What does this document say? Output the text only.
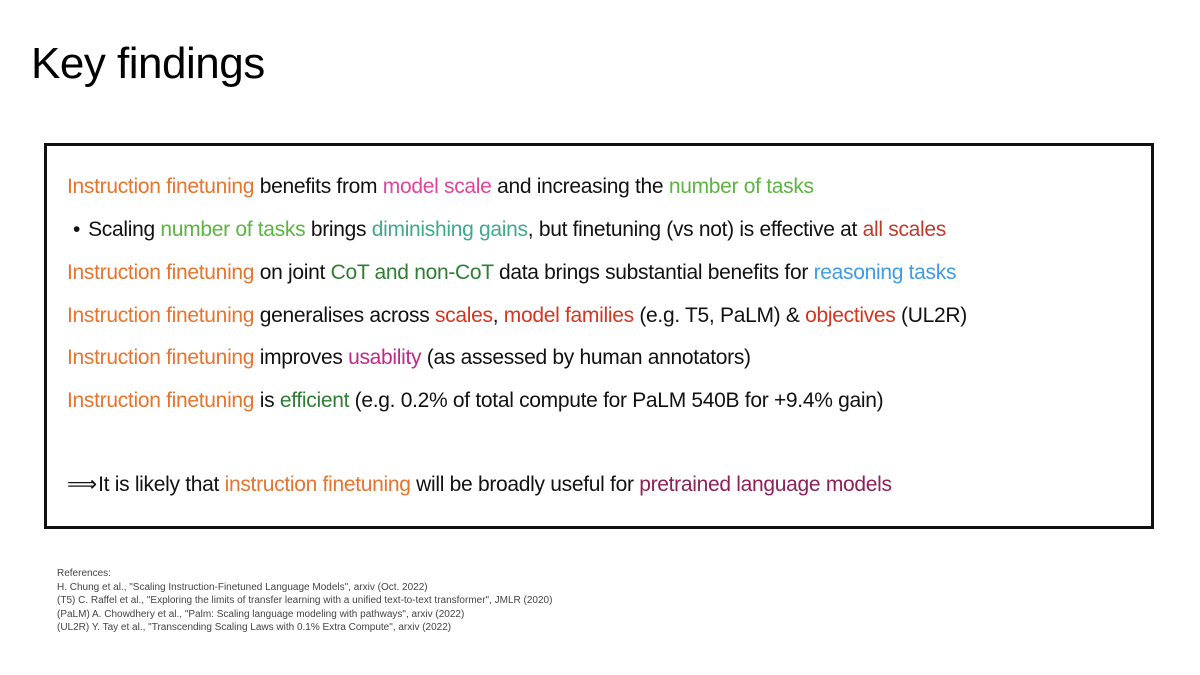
Key findings
Instruction finetuning benefits from model scale and increasing the number of tasks
• Scaling number of tasks brings diminishing gains, but finetuning (vs not) is effective at all scales
Instruction finetuning on joint CoT and non-CoT data brings substantial benefits for reasoning tasks
Instruction finetuning generalises across scales, model families (e.g. T5, PaLM) & objectives (UL2R)
Instruction finetuning improves usability (as assessed by human annotators)
Instruction finetuning is efficient (e.g. 0.2% of total compute for PaLM 540B for +9.4% gain)
⟹ It is likely that instruction finetuning will be broadly useful for pretrained language models
References:
H. Chung et al., "Scaling Instruction-Finetuned Language Models", arxiv (Oct. 2022)
(T5) C. Raffel et al., "Exploring the limits of transfer learning with a unified text-to-text transformer", JMLR (2020)
(PaLM) A. Chowdhery et al., "Palm: Scaling language modeling with pathways", arxiv (2022)
(UL2R) Y. Tay et al., "Transcending Scaling Laws with 0.1% Extra Compute", arxiv (2022)
